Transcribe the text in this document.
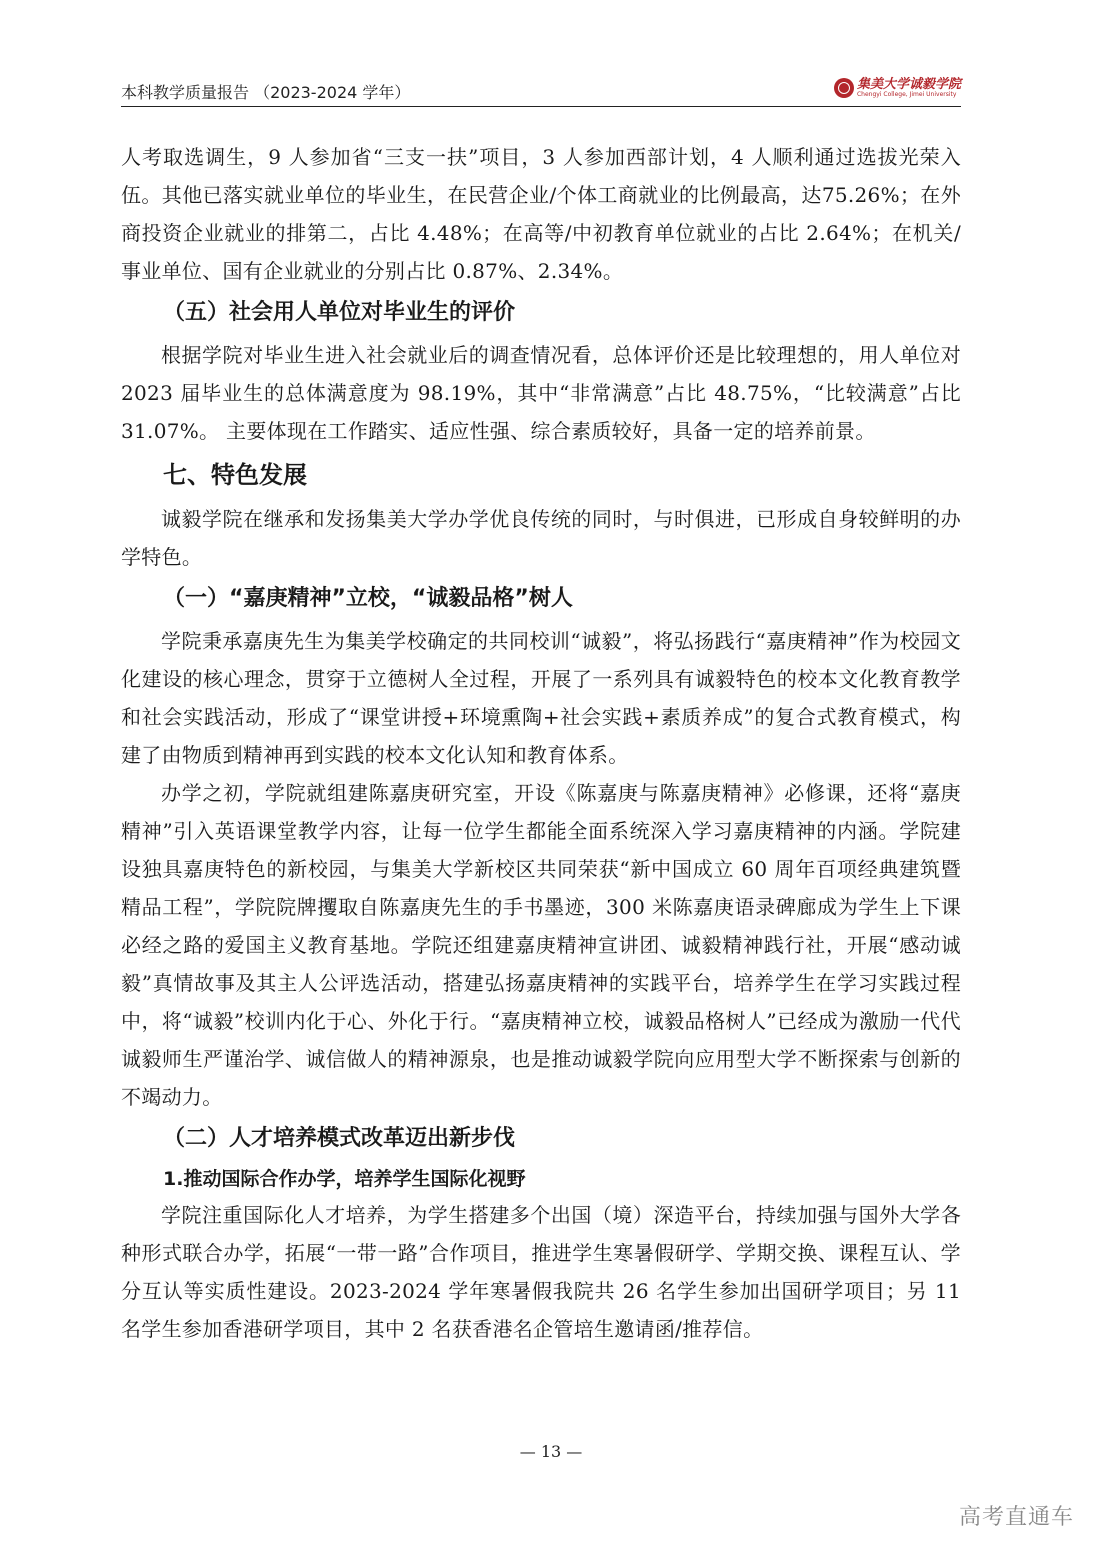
本科教学质量报告 （2023-2024 学年）	集美大学诚毅学院
Chengyi College, Jimei University

人考取选调生，9 人参加省“三支一扶”项目，3 人参加西部计划，4 人顺利通过选拔光荣入伍。其他已落实就业单位的毕业生，在民营企业/个体工商就业的比例最高，达75.26%；在外商投资企业就业的排第二，占比 4.48%；在高等/中初教育单位就业的占比 2.64%；在机关/事业单位、国有企业就业的分别占比 0.87%、2.34%。

（五）社会用人单位对毕业生的评价

根据学院对毕业生进入社会就业后的调查情况看，总体评价还是比较理想的，用人单位对 2023 届毕业生的总体满意度为 98.19%，其中“非常满意”占比 48.75%，“比较满意”占比 31.07%。 主要体现在工作踏实、适应性强、综合素质较好，具备一定的培养前景。

七、特色发展

诚毅学院在继承和发扬集美大学办学优良传统的同时，与时俱进，已形成自身较鲜明的办学特色。

（一）“嘉庚精神”立校，“诚毅品格”树人

学院秉承嘉庚先生为集美学校确定的共同校训“诚毅”，将弘扬践行“嘉庚精神”作为校园文化建设的核心理念，贯穿于立德树人全过程，开展了一系列具有诚毅特色的校本文化教育教学和社会实践活动，形成了“课堂讲授+环境熏陶+社会实践+素质养成”的复合式教育模式，构建了由物质到精神再到实践的校本文化认知和教育体系。

办学之初，学院就组建陈嘉庚研究室，开设《陈嘉庚与陈嘉庚精神》必修课，还将“嘉庚精神”引入英语课堂教学内容，让每一位学生都能全面系统深入学习嘉庚精神的内涵。学院建设独具嘉庚特色的新校园，与集美大学新校区共同荣获“新中国成立 60 周年百项经典建筑暨精品工程”，学院院牌攫取自陈嘉庚先生的手书墨迹，300 米陈嘉庚语录碑廊成为学生上下课必经之路的爱国主义教育基地。学院还组建嘉庚精神宣讲团、诚毅精神践行社，开展“感动诚毅”真情故事及其主人公评选活动，搭建弘扬嘉庚精神的实践平台，培养学生在学习实践过程中，将“诚毅”校训内化于心、外化于行。“嘉庚精神立校，诚毅品格树人”已经成为激励一代代诚毅师生严谨治学、诚信做人的精神源泉，也是推动诚毅学院向应用型大学不断探索与创新的不竭动力。

（二）人才培养模式改革迈出新步伐
1.推动国际合作办学，培养学生国际化视野

学院注重国际化人才培养，为学生搭建多个出国（境）深造平台，持续加强与国外大学各种形式联合办学，拓展“一带一路”合作项目，推进学生寒暑假研学、学期交换、课程互认、学分互认等实质性建设。2023-2024 学年寒暑假我院共 26 名学生参加出国研学项目；另 11 名学生参加香港研学项目，其中 2 名获香港名企管培生邀请函/推荐信。

— 13 —
高考直通车
